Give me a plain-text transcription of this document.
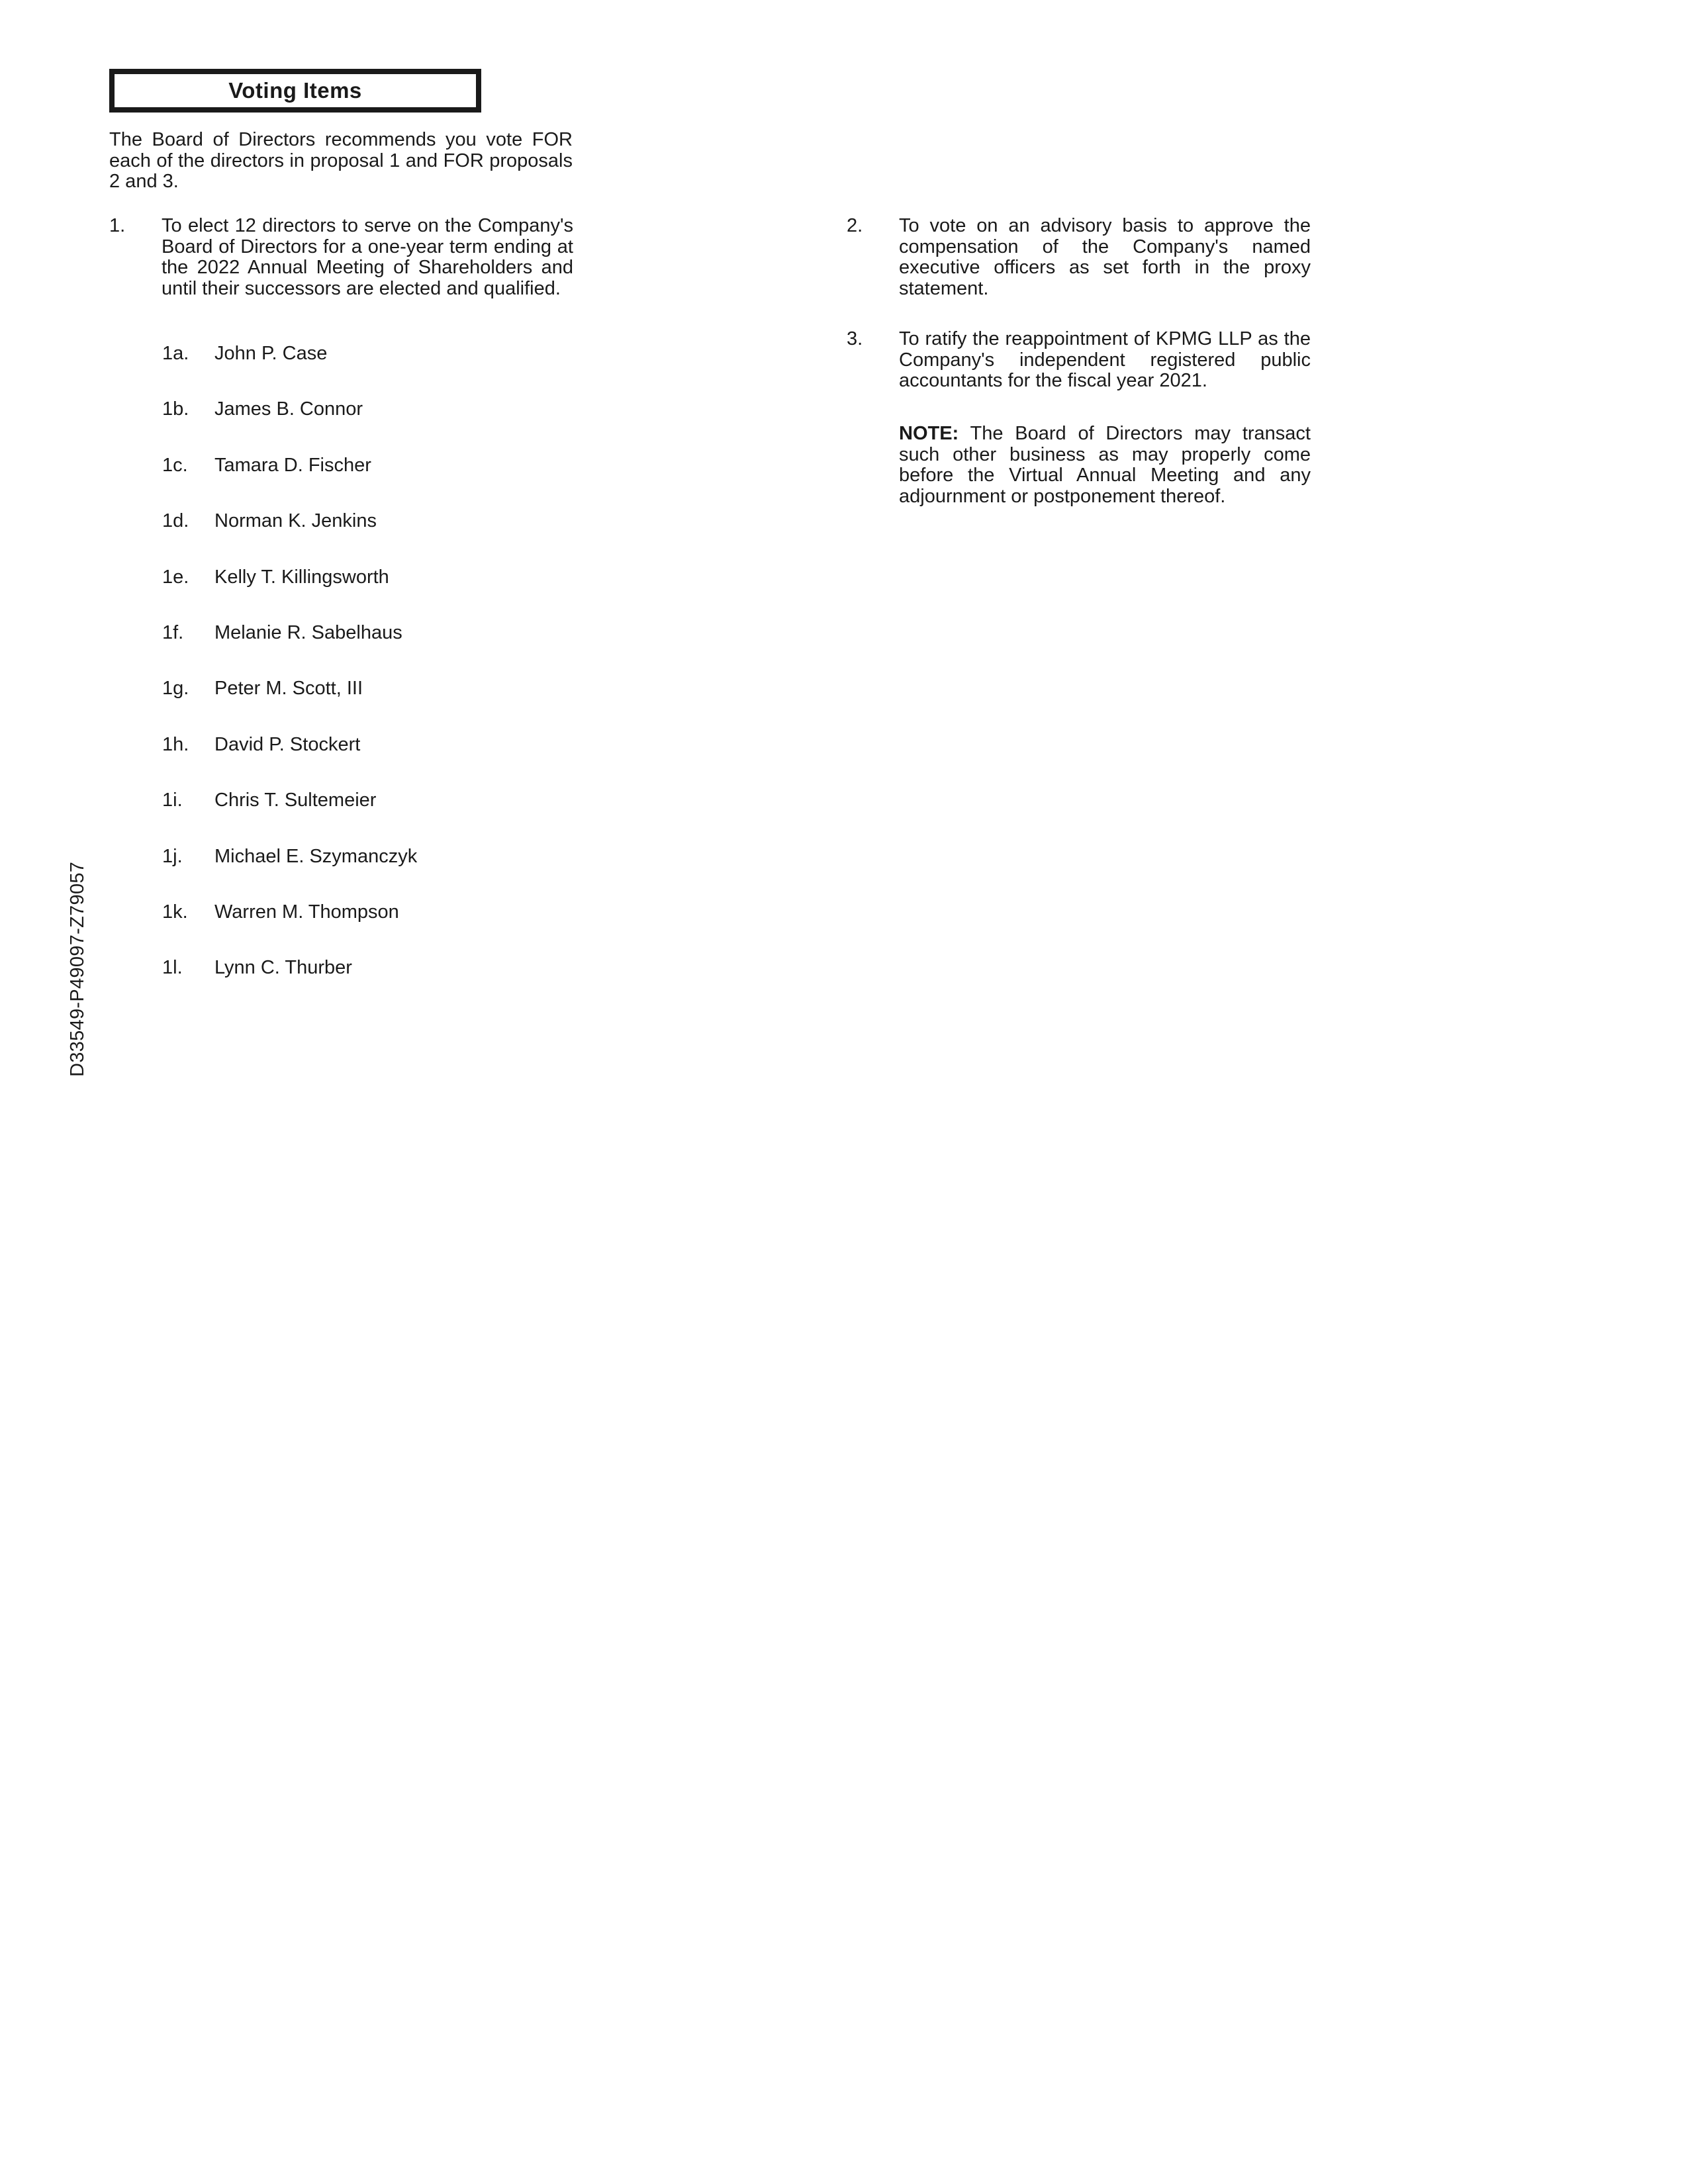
Voting Items
The Board of Directors recommends you vote FOR each of the directors in proposal 1 and FOR proposals 2 and 3.
1. To elect 12 directors to serve on the Company's Board of Directors for a one-year term ending at the 2022 Annual Meeting of Shareholders and until their successors are elected and qualified.
1a. John P. Case
1b. James B. Connor
1c. Tamara D. Fischer
1d. Norman K. Jenkins
1e. Kelly T. Killingsworth
1f. Melanie R. Sabelhaus
1g. Peter M. Scott, III
1h. David P. Stockert
1i. Chris T. Sultemeier
1j. Michael E. Szymanczyk
1k. Warren M. Thompson
1l. Lynn C. Thurber
2. To vote on an advisory basis to approve the compensation of the Company's named executive officers as set forth in the proxy statement.
3. To ratify the reappointment of KPMG LLP as the Company's independent registered public accountants for the fiscal year 2021.
NOTE: The Board of Directors may transact such other business as may properly come before the Virtual Annual Meeting and any adjournment or postponement thereof.
D33549-P49097-Z79057
